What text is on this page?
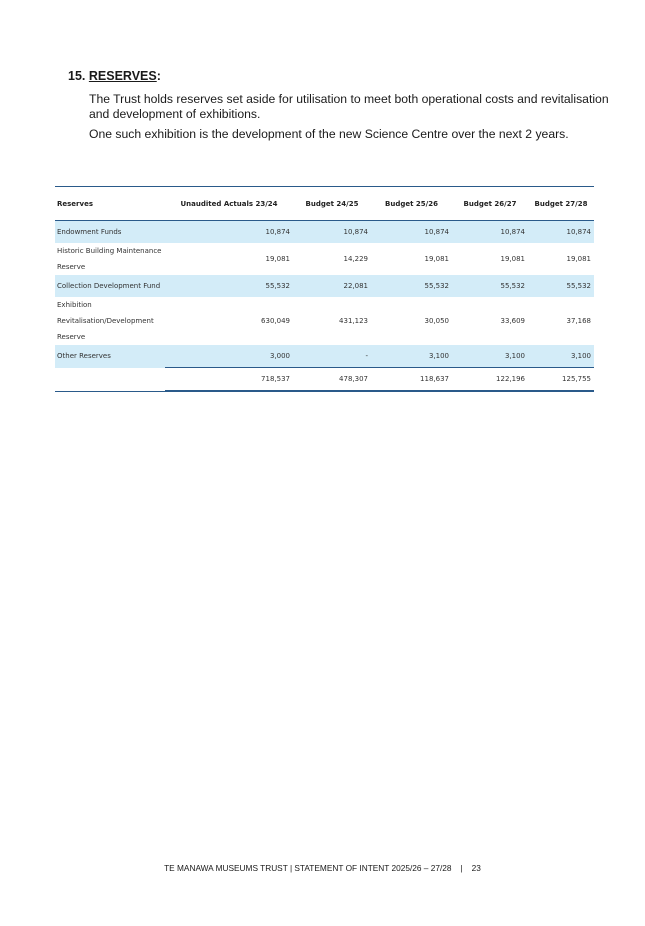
15. RESERVES:
The Trust holds reserves set aside for utilisation to meet both operational costs and revitalisation and development of exhibitions.
One such exhibition is the development of the new Science Centre over the next 2 years.
Reserves	Unaudited Actuals 23/24	Budget 24/25	Budget 25/26	Budget 26/27	Budget 27/28
Endowment Funds	10,874	10,874	10,874	10,874	10,874
Historic Building Maintenance
Reserve	19,081	14,229	19,081	19,081	19,081
Collection Development Fund	55,532	22,081	55,532	55,532	55,532
Exhibition
Revitalisation/Development
Reserve	630,049	431,123	30,050	33,609	37,168
Other Reserves	3,000	-	3,100	3,100	3,100
	718,537	478,307	118,637	122,196	125,755
TE MANAWA MUSEUMS TRUST | STATEMENT OF INTENT 2025/26 – 27/28 | 23
